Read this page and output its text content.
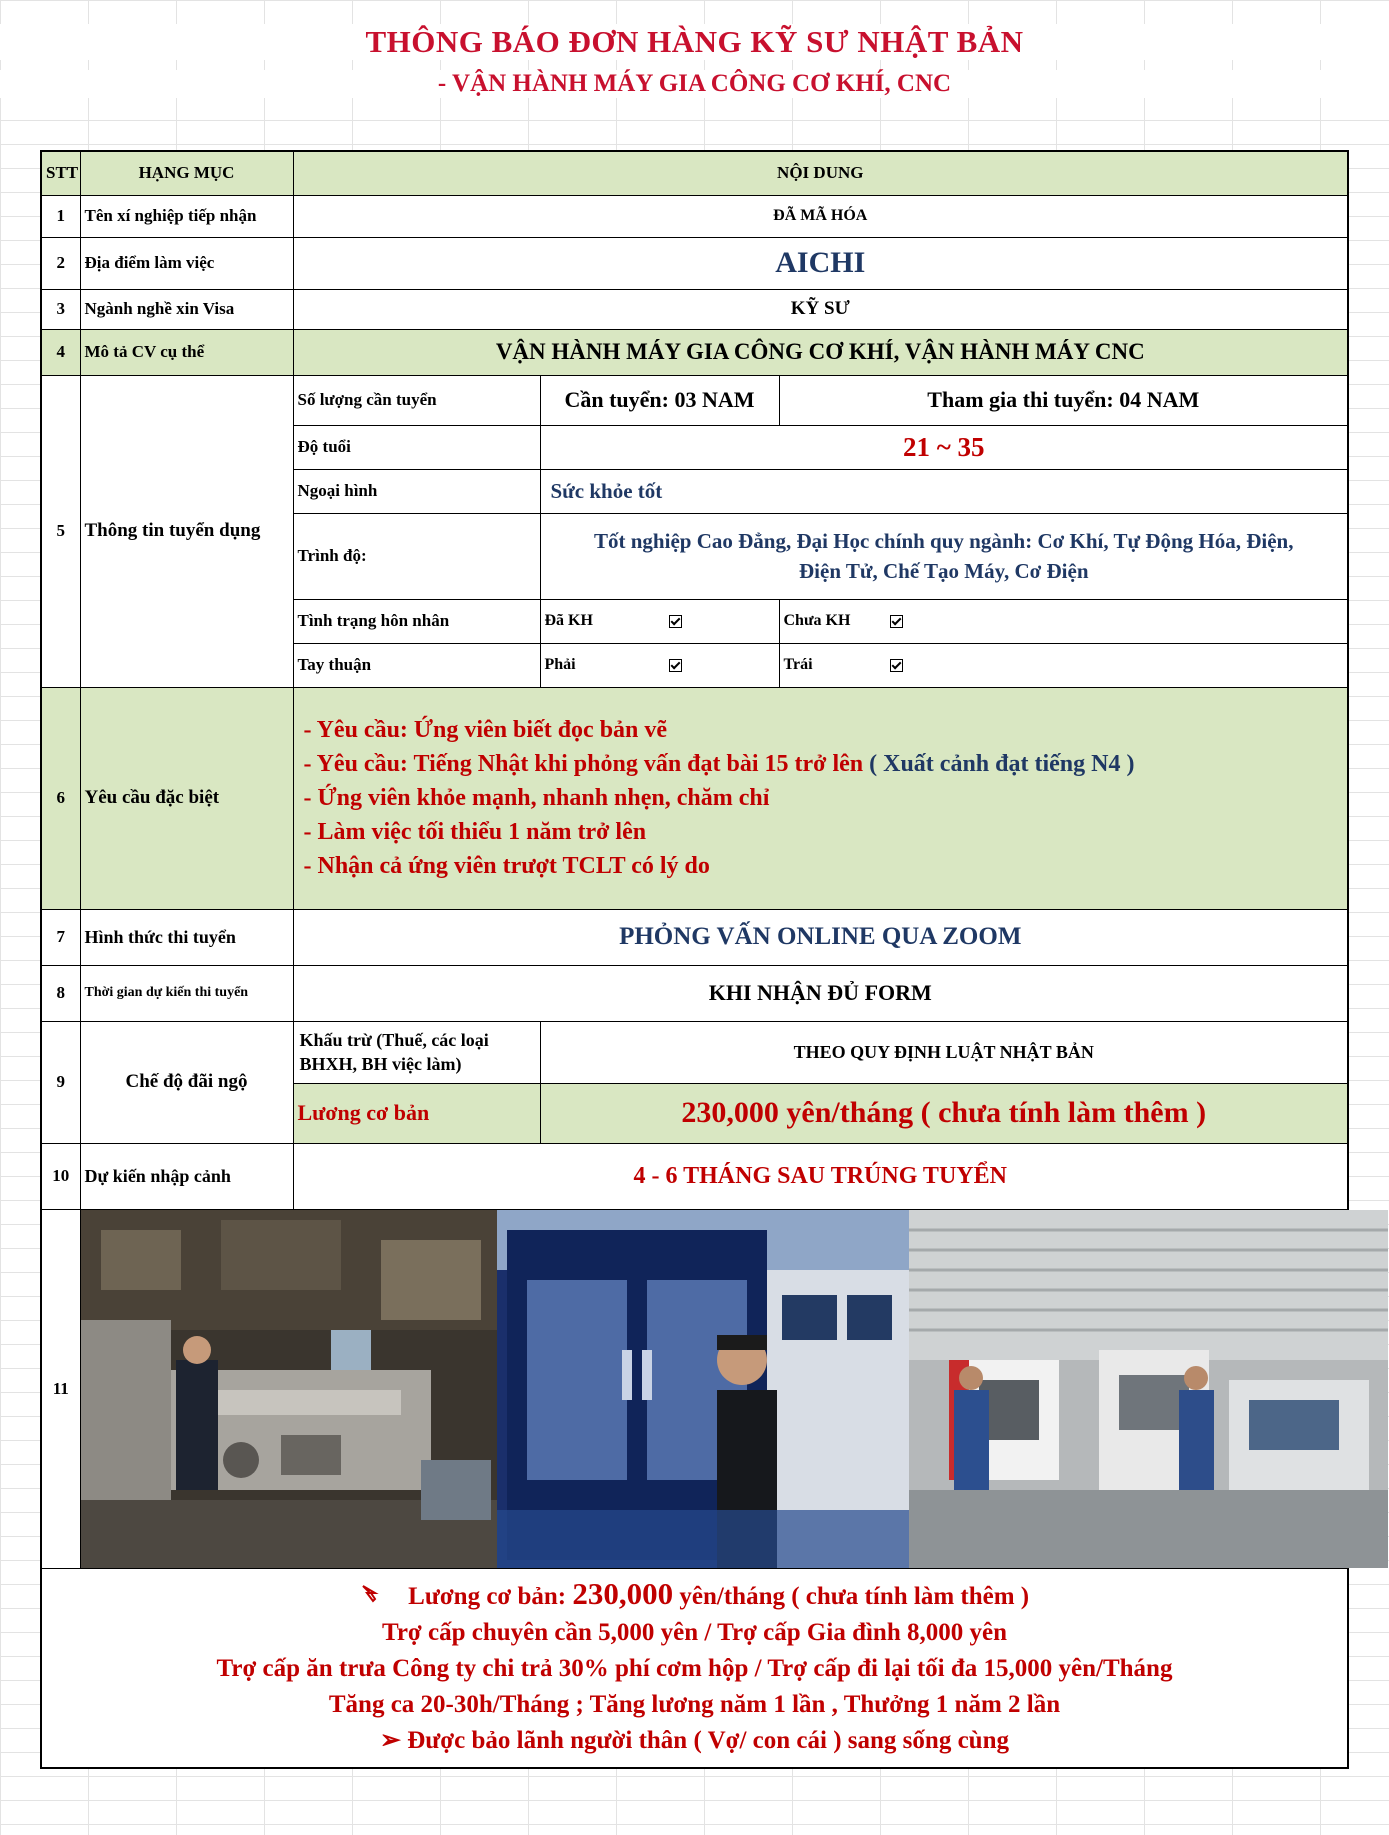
THÔNG BÁO ĐƠN HÀNG KỸ SƯ NHẬT BẢN
- VẬN HÀNH MÁY GIA CÔNG CƠ KHÍ, CNC
STT	HẠNG MỤC	NỘI DUNG		
1	Tên xí nghiệp tiếp nhận	ĐÃ MÃ HÓA		
2	Địa điểm làm việc	AICHI		
3	Ngành nghề xin Visa	KỸ SƯ		
4	Mô tả CV cụ thể	VẬN HÀNH MÁY GIA CÔNG CƠ KHÍ, VẬN HÀNH MÁY CNC		
5	Thông tin tuyển dụng	Số lượng cần tuyển	Cần tuyển: 03 NAM	Tham gia thi tuyển: 04 NAM
		Độ tuổi	21 ~ 35	
		Ngoại hình	Sức khỏe tốt	
		Trình độ:	Tốt nghiệp Cao Đẳng, Đại Học chính quy ngành: Cơ Khí, Tự Động Hóa, Điện,
Điện Tử, Chế Tạo Máy, Cơ Điện	

		Tình trạng hôn nhân	Đã KH	Chưa KH
		Tay thuận	Phải	Trái
6	Yêu cầu đặc biệt	- Yêu cầu: Ứng viên biết đọc bản vẽ

- Yêu cầu: Tiếng Nhật khi phỏng vấn đạt bài 15 trở lên ( Xuất cảnh đạt tiếng N4 )

- Ứng viên khỏe mạnh, nhanh nhẹn, chăm chỉ

- Làm việc tối thiểu 1 năm trở lên

- Nhận cả ứng viên trượt TCLT có lý do		

7	Hình thức thi tuyển	PHỎNG VẤN ONLINE QUA ZOOM		
8	Thời gian dự kiến thi tuyển	KHI NHẬN ĐỦ FORM		
9	Chế độ đãi ngộ	Khấu trừ (Thuế, các loại BHXH, BH việc làm)	THEO QUY ĐỊNH LUẬT NHẬT BẢN	
		Lương cơ bản	230,000 yên/tháng ( chưa tính làm thêm )	
10	Dự kiến nhập cảnh	4 - 6 THÁNG SAU TRÚNG TUYỂN		
11	

Lương cơ bản: 230,000 yên/tháng ( chưa tính làm thêm )

Trợ cấp chuyên cần 5,000 yên / Trợ cấp Gia đình 8,000 yên

Trợ cấp ăn trưa Công ty chi trả 30% phí cơm hộp / Trợ cấp đi lại tối đa 15,000 yên/Tháng

Tăng ca 20-30h/Tháng ; Tăng lương năm 1 lần , Thưởng 1 năm 2 lần

➢ Được bảo lãnh người thân ( Vợ/ con cái ) sang sống cùng				
